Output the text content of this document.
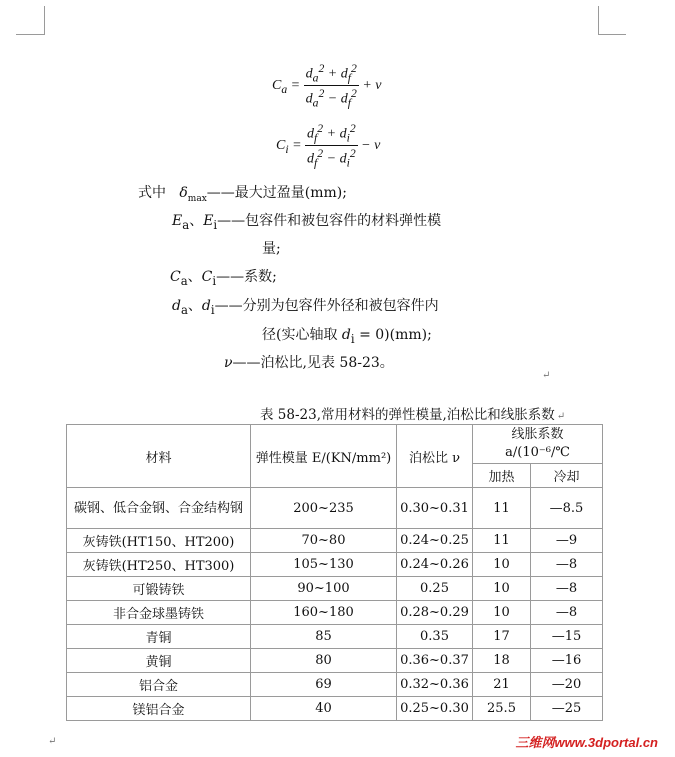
$C_a = \frac{d_a^2 + d_f^2}{d_a^2 - d_f^2} + \nu$
$C_i = \frac{d_f^2 + d_i^2}{d_f^2 - d_i^2} - \nu$
式中 $\delta_{max}——$最大过盈量(mm);
$E_a$、$E_i——$包容件和被包容件的材料弹性模
量;
$C_a$、$C_i——$系数;
$d_a$、$d_i——$分别为包容件外径和被包容件内
径(实心轴取 $d_i = 0)(mm)$;
ν——泊松比,见表 58-23。
表 58-23,常用材料的弹性模量,泊松比和线胀系数 ↵
材料	弹性模量 E/(KN/mm²)	泊松比 ν	线胀系数
a/(10⁻⁶/℃	

			加热	冷却
碳钢、低合金钢、合金结构钢	200~235	0.30~0.31	11	—8.5
灰铸铁(HT150、HT200)	70~80	0.24~0.25	11	—9
灰铸铁(HT250、HT300)	105~130	0.24~0.26	10	—8
可锻铸铁	90~100	0.25	10	—8
非合金球墨铸铁	160~180	0.28~0.29	10	—8
青铜	85	0.35	17	—15
黄铜	80	0.36~0.37	18	—16
铝合金	69	0.32~0.36	21	—20
镁铝合金	40	0.25~0.30	25.5	—25
↵
↵	三维网www.3dportal.cn
